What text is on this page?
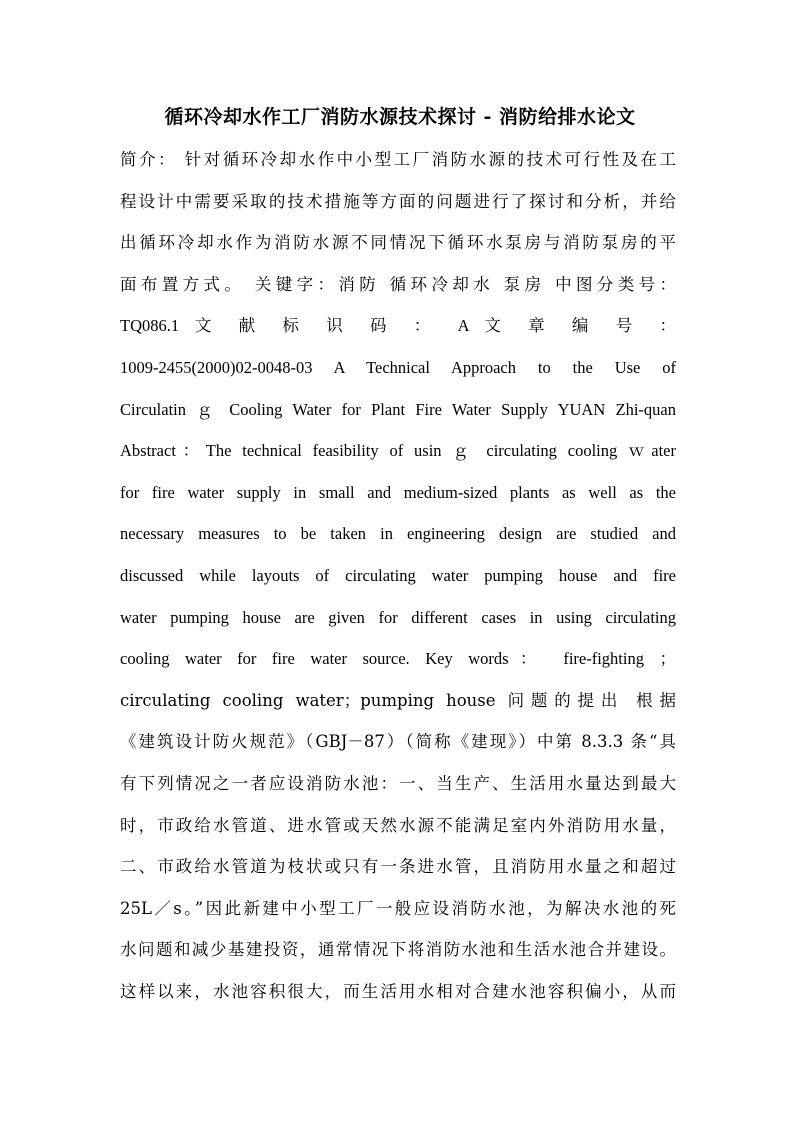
循环冷却水作工厂消防水源技术探讨 - 消防给排水论文
简介： 针对循环冷却水作中小型工厂消防水源的技术可行性及在工
程设计中需要采取的技术措施等方面的问题进行了探讨和分析，并给
出循环冷却水作为消防水源不同情况下循环水泵房与消防泵房的平
面布置方式。 关键字：消防 循环冷却水 泵房 中图分类号：
TQ086.1 文 献 标 识 码 ： A 文 章 编 号 ：
1009-2455(2000)02-0048-03 A Technical Approach to the Use of
Circulatin ｇ Cooling Water for Plant Fire Water Supply YUAN Zhi-quan
Abstract：The technical feasibility of usin ｇ circulating cooling ｗater
for fire water supply in small and medium-sized plants as well as the
necessary measures to be taken in engineering design are studied and
discussed while layouts of circulating water pumping house and fire
water pumping house are given for different cases in using circulating
cooling water for fire water source. Key words： fire-fighting ；
circulating cooling water；pumping house 问题的提出 根据
《建筑设计防火规范》（GBJ－87）（简称《建现》）中第 8.3.3 条“具
有下列情况之一者应设消防水池：一、当生产、生活用水量达到最大
时，市政给水管道、进水管或天然水源不能满足室内外消防用水量，
二、市政给水管道为枝状或只有一条进水管，且消防用水量之和超过
25L／s。”因此新建中小型工厂一般应设消防水池，为解决水池的死
水问题和减少基建投资，通常情况下将消防水池和生活水池合并建设。
这样以来，水池容积很大，而生活用水相对合建水池容积偏小，从而
